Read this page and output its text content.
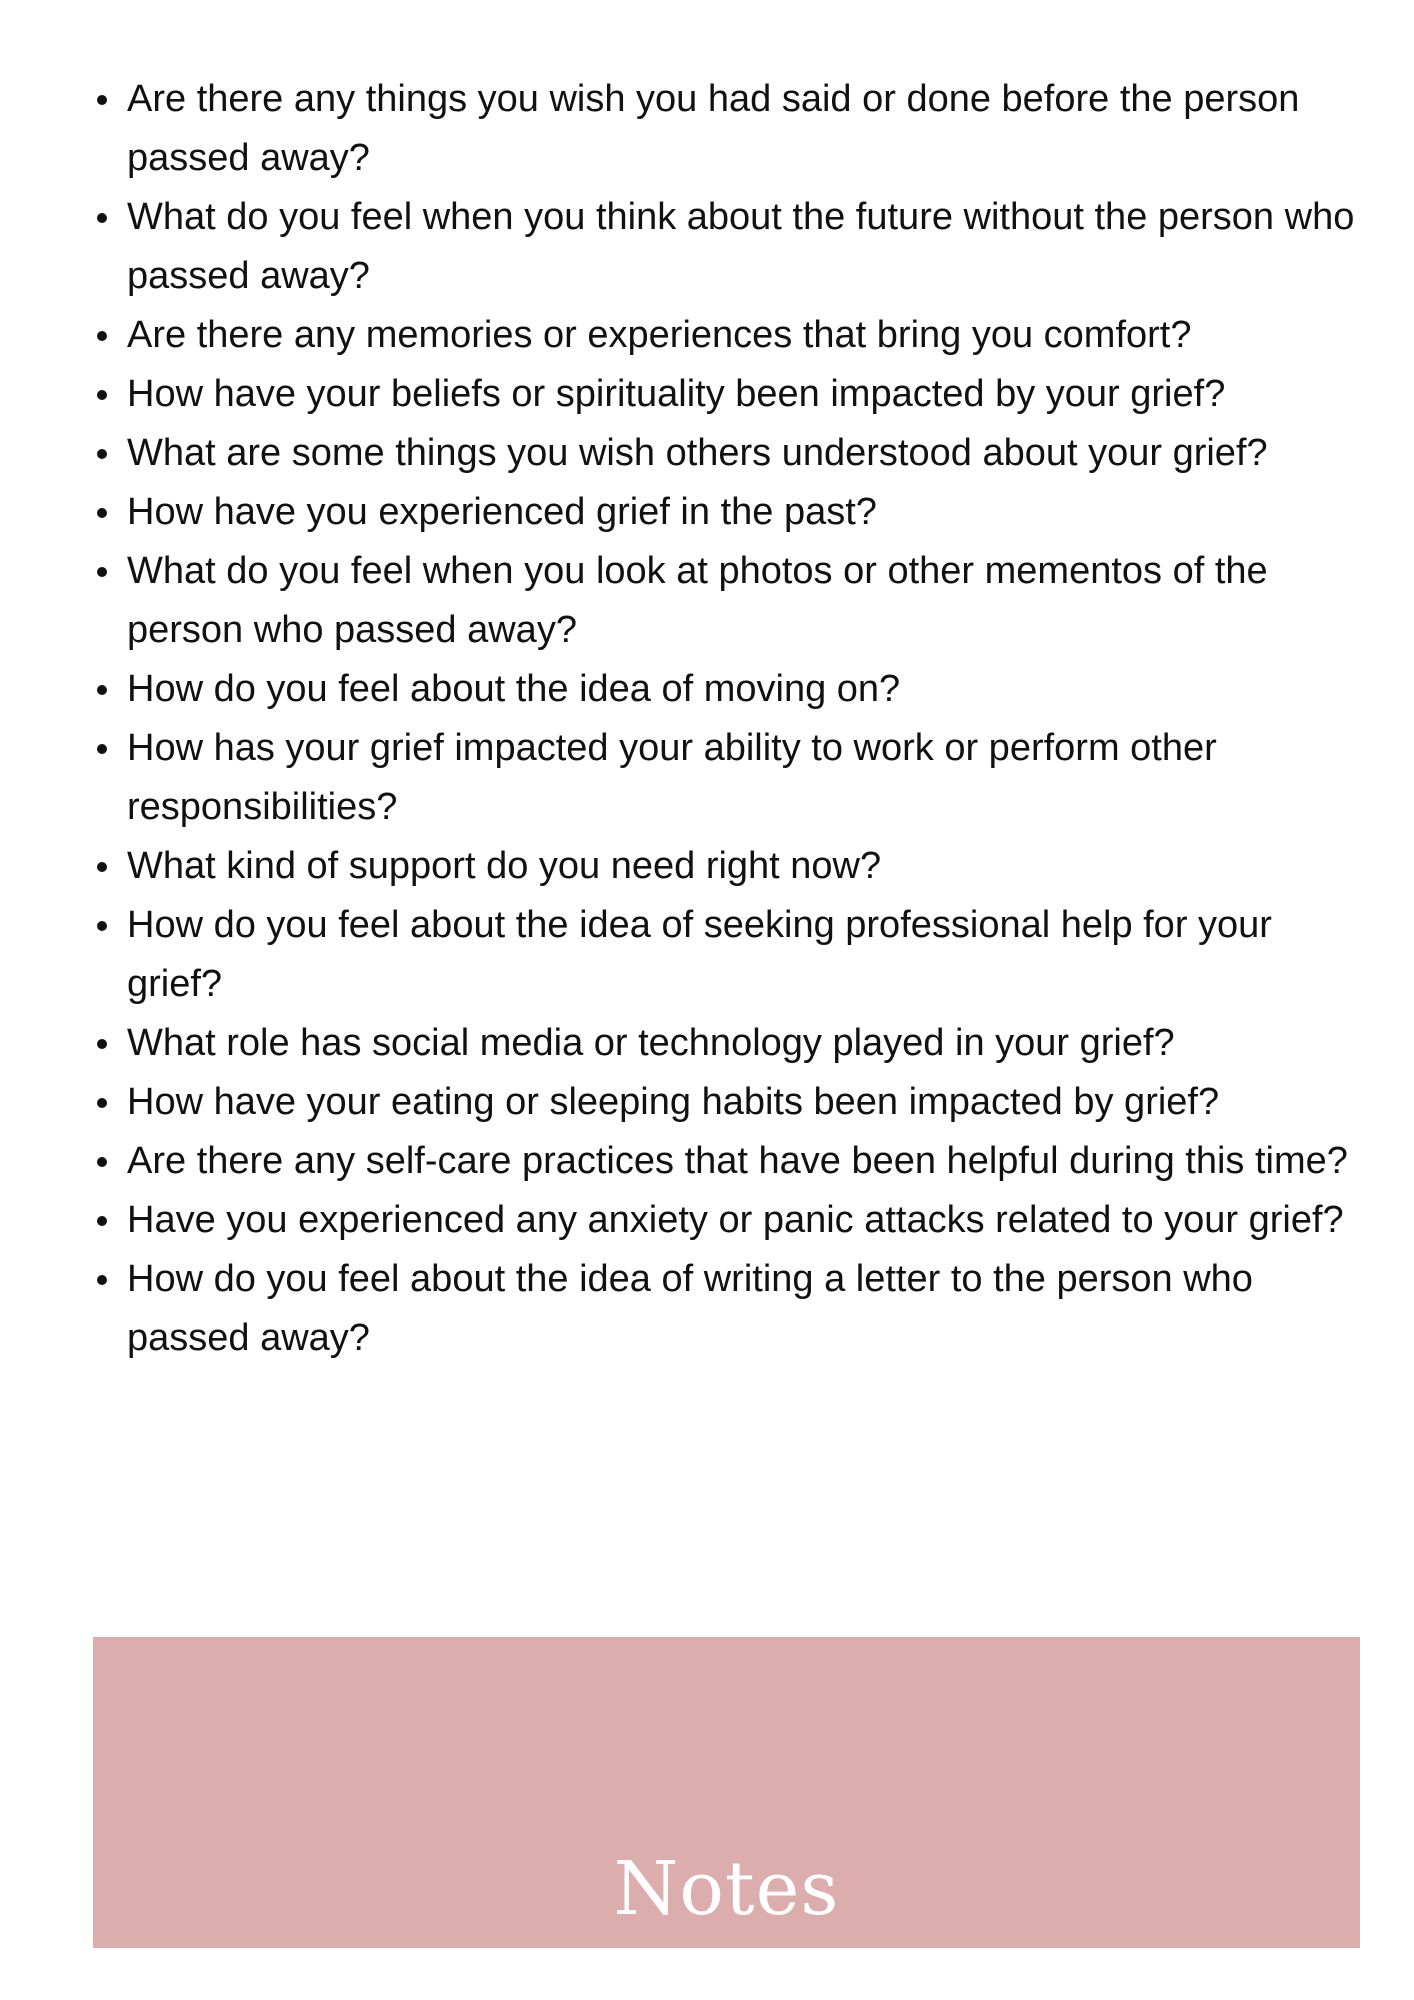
Are there any things you wish you had said or done before the person passed away?
What do you feel when you think about the future without the person who passed away?
Are there any memories or experiences that bring you comfort?
How have your beliefs or spirituality been impacted by your grief?
What are some things you wish others understood about your grief?
How have you experienced grief in the past?
What do you feel when you look at photos or other mementos of the person who passed away?
How do you feel about the idea of moving on?
How has your grief impacted your ability to work or perform other responsibilities?
What kind of support do you need right now?
How do you feel about the idea of seeking professional help for your grief?
What role has social media or technology played in your grief?
How have your eating or sleeping habits been impacted by grief?
Are there any self-care practices that have been helpful during this time?
Have you experienced any anxiety or panic attacks related to your grief?
How do you feel about the idea of writing a letter to the person who passed away?
Notes
